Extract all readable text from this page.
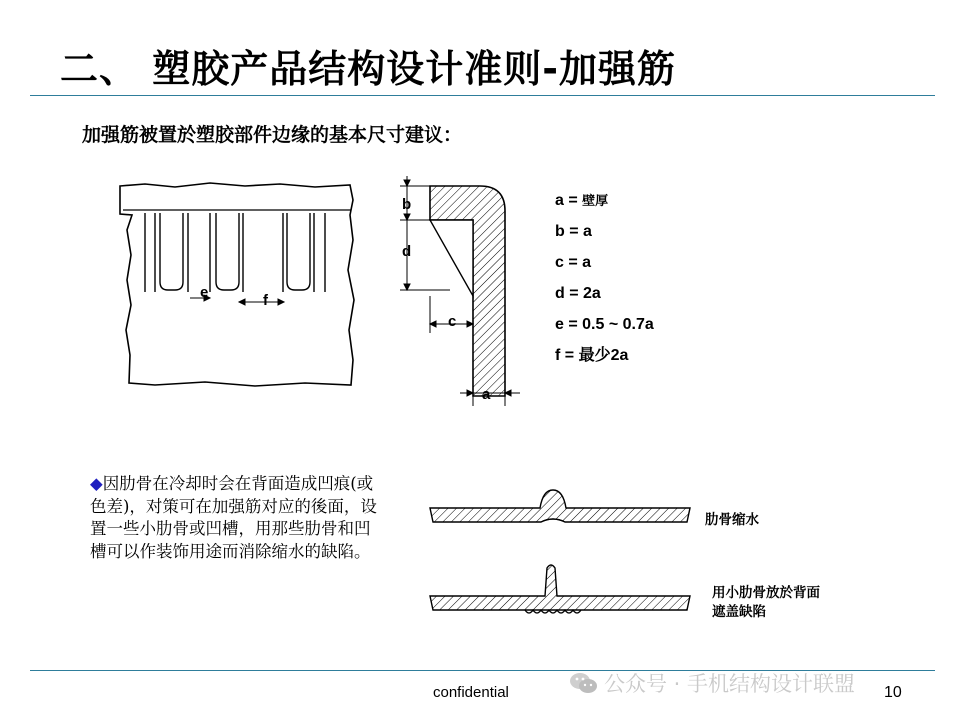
二、 塑胶产品结构设计准则-加强筋
加强筋被置於塑胶部件边缘的基本尺寸建议：
e	f
b
d
c
a
a = 壁厚
b = a
c = a
d = 2a
e = 0.5 ~ 0.7a
f = 最少2a
◆因肋骨在冷却时会在背面造成凹痕(或色差)，对策可在加强筋对应的後面，设置一些小肋骨或凹槽，用那些肋骨和凹槽可以作装饰用途而消除缩水的缺陷。
肋骨缩水
用小肋骨放於背面
遮盖缺陷
公众号 · 手机结构设计联盟
confidential	10
